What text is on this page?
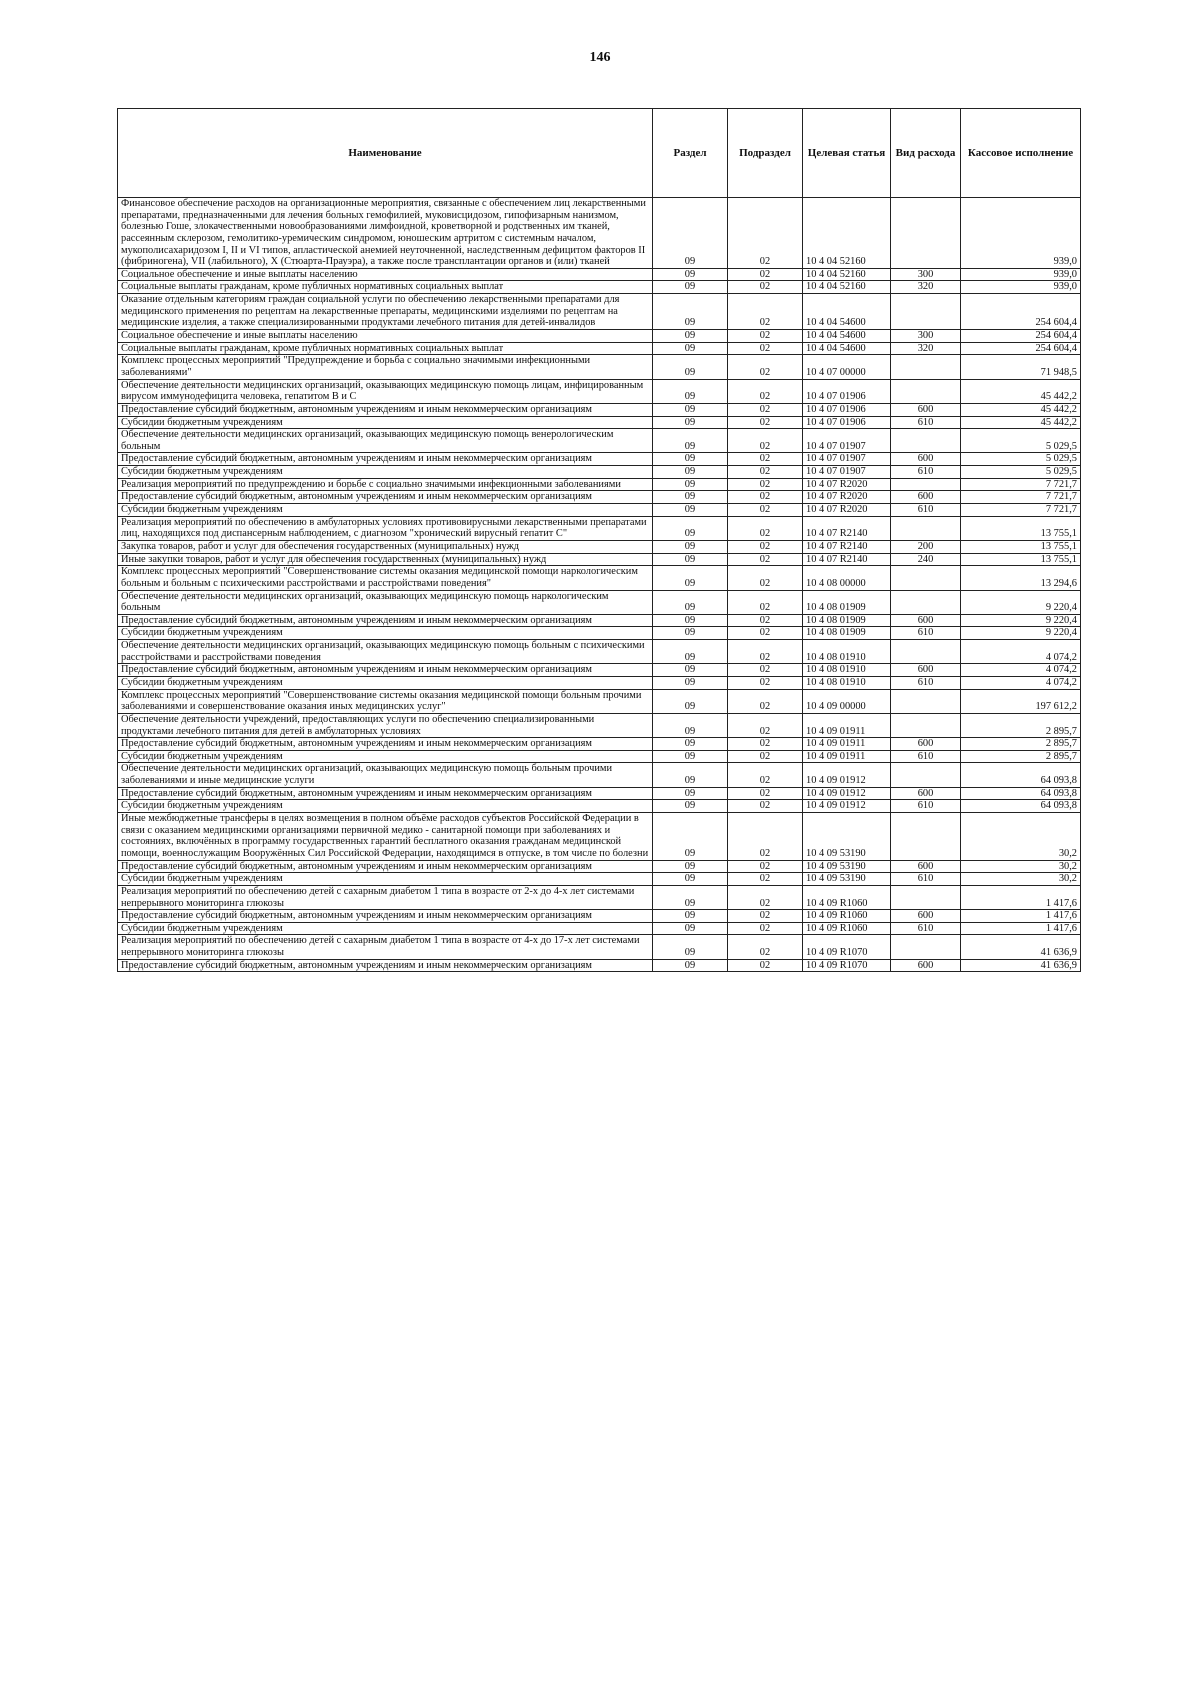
146
Наименование	Раздел	Подраздел	Целевая статья	Вид расхода	Кассовое исполнение
Финансовое обеспечение расходов на организационные мероприятия, связанные с обеспечением лиц лекарственными препаратами, предназначенными для лечения больных гемофилией, муковисцидозом, гипофизарным нанизмом, болезнью Гоше, злокачественными новообразованиями лимфоидной, кроветворной и родственных им тканей, рассеянным склерозом, гемолитико-уремическим синдромом, юношеским артритом с системным началом, мукополисахаридозом I, II и VI типов, апластической анемией неуточненной, наследственным дефицитом факторов II (фибриногена), VII (лабильного), X (Стюарта-Прауэра), а также после трансплантации органов и (или) тканей	09	02	10 4 04 52160		939,0
Социальное обеспечение и иные выплаты населению	09	02	10 4 04 52160	300	939,0
Социальные выплаты гражданам, кроме публичных нормативных социальных выплат	09	02	10 4 04 52160	320	939,0
Оказание отдельным категориям граждан социальной услуги по обеспечению лекарственными препаратами для медицинского применения по рецептам на лекарственные препараты, медицинскими изделиями по рецептам на медицинские изделия, а также специализированными продуктами лечебного питания для детей-инвалидов	09	02	10 4 04 54600		254 604,4
Социальное обеспечение и иные выплаты населению	09	02	10 4 04 54600	300	254 604,4
Социальные выплаты гражданам, кроме публичных нормативных социальных выплат	09	02	10 4 04 54600	320	254 604,4
Комплекс процессных мероприятий "Предупреждение и борьба с социально значимыми инфекционными заболеваниями"	09	02	10 4 07 00000		71 948,5
Обеспечение деятельности медицинских организаций, оказывающих медицинскую помощь лицам, инфицированным вирусом иммунодефицита человека, гепатитом B и C	09	02	10 4 07 01906		45 442,2
Предоставление субсидий бюджетным, автономным учреждениям и иным некоммерческим организациям	09	02	10 4 07 01906	600	45 442,2
Субсидии бюджетным учреждениям	09	02	10 4 07 01906	610	45 442,2
Обеспечение деятельности медицинских организаций, оказывающих медицинскую помощь венерологическим больным	09	02	10 4 07 01907		5 029,5
Предоставление субсидий бюджетным, автономным учреждениям и иным некоммерческим организациям	09	02	10 4 07 01907	600	5 029,5
Субсидии бюджетным учреждениям	09	02	10 4 07 01907	610	5 029,5
Реализация мероприятий по предупреждению и борьбе с социально значимыми инфекционными заболеваниями	09	02	10 4 07 R2020		7 721,7
Предоставление субсидий бюджетным, автономным учреждениям и иным некоммерческим организациям	09	02	10 4 07 R2020	600	7 721,7
Субсидии бюджетным учреждениям	09	02	10 4 07 R2020	610	7 721,7
Реализация мероприятий по обеспечению в амбулаторных условиях противовирусными лекарственными препаратами лиц, находящихся под диспансерным наблюдением, с диагнозом "хронический вирусный гепатит C"	09	02	10 4 07 R2140		13 755,1
Закупка товаров, работ и услуг для обеспечения государственных (муниципальных) нужд	09	02	10 4 07 R2140	200	13 755,1
Иные закупки товаров, работ и услуг для обеспечения государственных (муниципальных) нужд	09	02	10 4 07 R2140	240	13 755,1
Комплекс процессных мероприятий "Совершенствование системы оказания медицинской помощи наркологическим больным и больным с психическими расстройствами и расстройствами поведения"	09	02	10 4 08 00000		13 294,6
Обеспечение деятельности медицинских организаций, оказывающих медицинскую помощь наркологическим больным	09	02	10 4 08 01909		9 220,4
Предоставление субсидий бюджетным, автономным учреждениям и иным некоммерческим организациям	09	02	10 4 08 01909	600	9 220,4
Субсидии бюджетным учреждениям	09	02	10 4 08 01909	610	9 220,4
Обеспечение деятельности медицинских организаций, оказывающих медицинскую помощь больным с психическими расстройствами и расстройствами поведения	09	02	10 4 08 01910		4 074,2
Предоставление субсидий бюджетным, автономным учреждениям и иным некоммерческим организациям	09	02	10 4 08 01910	600	4 074,2
Субсидии бюджетным учреждениям	09	02	10 4 08 01910	610	4 074,2
Комплекс процессных мероприятий "Совершенствование системы оказания медицинской помощи больным прочими заболеваниями и совершенствование оказания иных медицинских услуг"	09	02	10 4 09 00000		197 612,2
Обеспечение деятельности учреждений, предоставляющих услуги по обеспечению специализированными продуктами лечебного питания для детей в амбулаторных условиях	09	02	10 4 09 01911		2 895,7
Предоставление субсидий бюджетным, автономным учреждениям и иным некоммерческим организациям	09	02	10 4 09 01911	600	2 895,7
Субсидии бюджетным учреждениям	09	02	10 4 09 01911	610	2 895,7
Обеспечение деятельности медицинских организаций, оказывающих медицинскую помощь больным прочими заболеваниями и иные медицинские услуги	09	02	10 4 09 01912		64 093,8
Предоставление субсидий бюджетным, автономным учреждениям и иным некоммерческим организациям	09	02	10 4 09 01912	600	64 093,8
Субсидии бюджетным учреждениям	09	02	10 4 09 01912	610	64 093,8
Иные межбюджетные трансферы в целях возмещения в полном объёме расходов субъектов Российской Федерации в связи с оказанием медицинскими организациями первичной медико - санитарной помощи при заболеваниях и состояниях, включённых в программу государственных гарантий бесплатного оказания гражданам медицинской помощи, военнослужащим Вооружённых Сил Российской Федерации, находящимся в отпуске, в том числе по болезни	09	02	10 4 09 53190		30,2
Предоставление субсидий бюджетным, автономным учреждениям и иным некоммерческим организациям	09	02	10 4 09 53190	600	30,2
Субсидии бюджетным учреждениям	09	02	10 4 09 53190	610	30,2
Реализация мероприятий по обеспечению детей с сахарным диабетом 1 типа в возрасте от 2-х до 4-х лет системами непрерывного мониторинга глюкозы	09	02	10 4 09 R1060		1 417,6
Предоставление субсидий бюджетным, автономным учреждениям и иным некоммерческим организациям	09	02	10 4 09 R1060	600	1 417,6
Субсидии бюджетным учреждениям	09	02	10 4 09 R1060	610	1 417,6
Реализация мероприятий по обеспечению детей с сахарным диабетом 1 типа в возрасте от 4-х до 17-х лет системами непрерывного мониторинга глюкозы	09	02	10 4 09 R1070		41 636,9
Предоставление субсидий бюджетным, автономным учреждениям и иным некоммерческим организациям	09	02	10 4 09 R1070	600	41 636,9
